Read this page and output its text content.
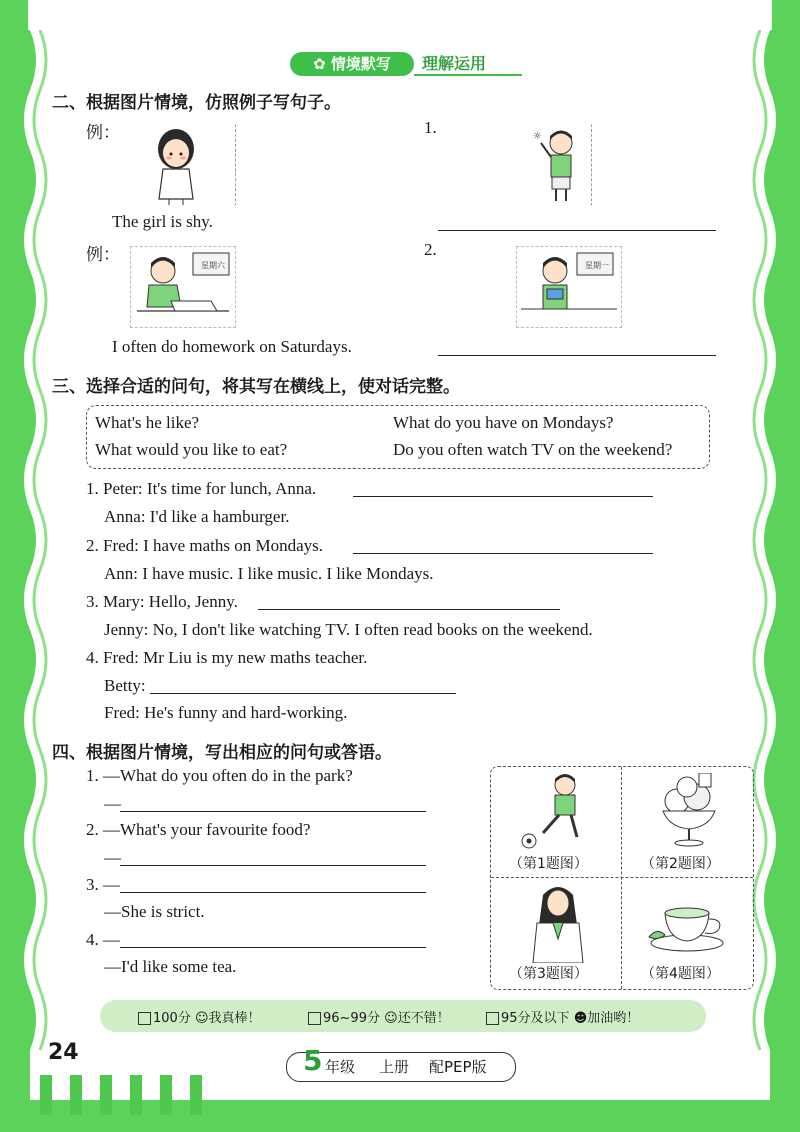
✿ 情境默写	理解运用
二、根据图片情境，仿照例子写句子。
例：
The girl is shy.
1.	☼
例：
星期六
I often do homework on Saturdays.
2.
星期一
三、选择合适的问句，将其写在横线上，使对话完整。
What's he like?	What do you have on Mondays?
What would you like to eat?	Do you often watch TV on the weekend?
1. Peter: It's time for lunch, Anna.
Anna: I'd like a hamburger.
2. Fred: I have maths on Mondays.
Ann: I have music. I like music. I like Mondays.
3. Mary: Hello, Jenny.
Jenny: No, I don't like watching TV. I often read books on the weekend.
4. Fred: Mr Liu is my new maths teacher.
Betty:
Fred: He's funny and hard-working.
四、根据图片情境，写出相应的问句或答语。
1. —What do you often do in the park?
—
2. —What's your favourite food?
—
3. —
—She is strict.
4. —
—I'd like some tea.
（第1题图）	（第2题图）
（第3题图）	（第4题图）
100分 ☺我真棒！	96~99分 ☺还不错！	95分及以下 ☻加油哟！
24	5 年级 上册 配PEP版
